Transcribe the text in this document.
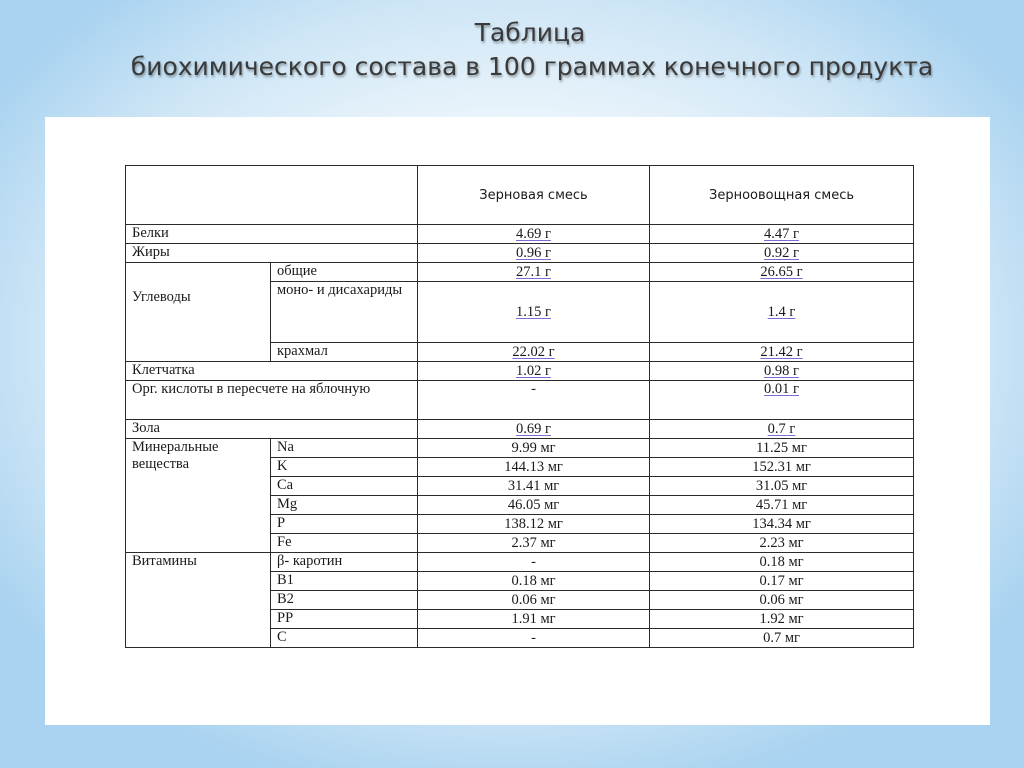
Таблица
биохимического состава в 100 граммах конечного продукта
		Зерновая смесь	Зерноовощная смесь
Белки		4.69 г	4.47 г
Жиры		0.96 г	0.92 г
Углеводы	общие	27.1 г	26.65 г
	моно- и дисахариды	1.15 г	1.4 г
	крахмал	22.02 г	21.42 г
Клетчатка		1.02 г	0.98 г
Орг. кислоты в пересчете на яблочную		-	0.01 г
Зола		0.69 г	0.7 г
Минеральные вещества	Na	9.99 мг	11.25 мг
	K	144.13 мг	152.31 мг
	Ca	31.41 мг	31.05 мг
	Mg	46.05 мг	45.71 мг
	P	138.12 мг	134.34 мг
	Fe	2.37 мг	2.23 мг
Витамины	β- каротин	-	0.18 мг
	B1	0.18 мг	0.17 мг
	B2	0.06 мг	0.06 мг
	PP	1.91 мг	1.92 мг
	C	-	0.7 мг
